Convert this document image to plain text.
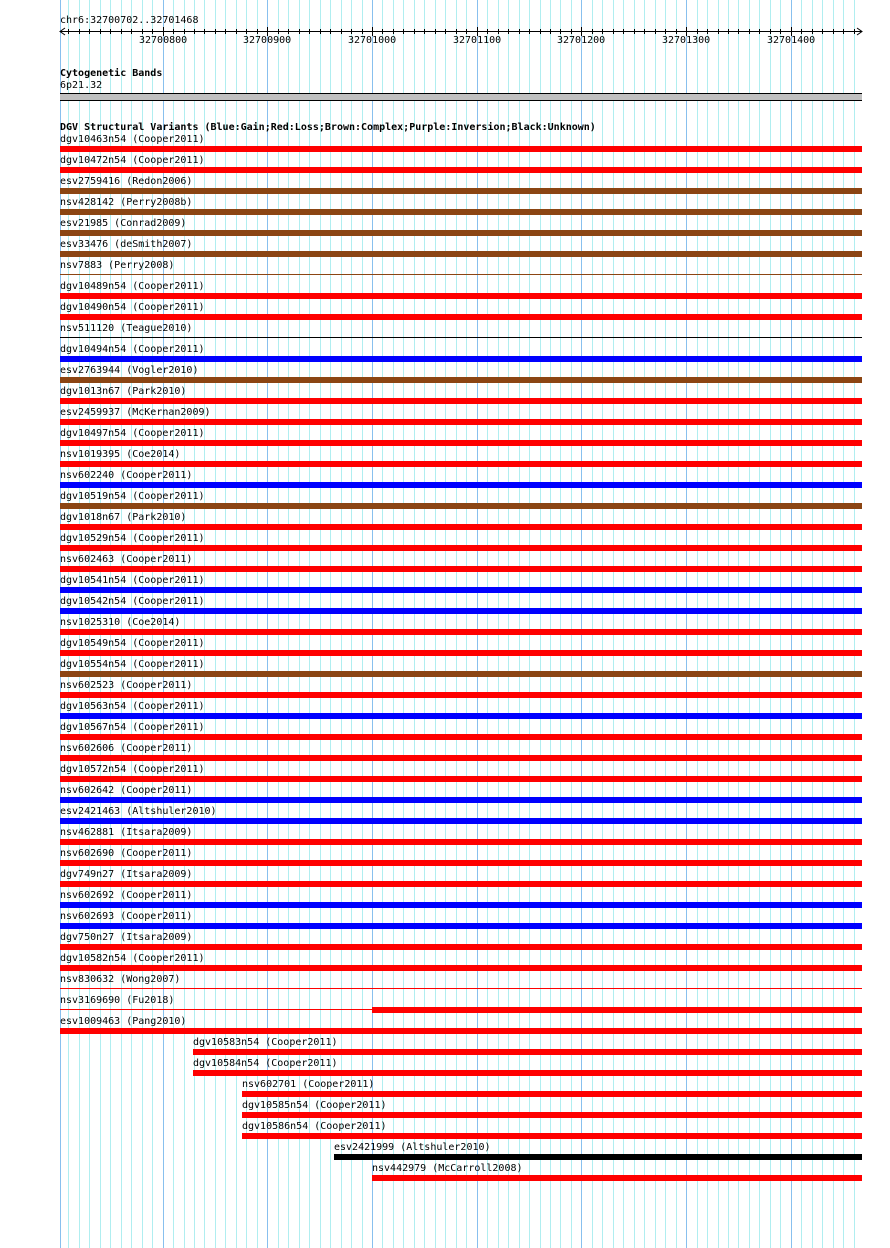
chr6:32700702..32701468
32700800	32700900	32701000	32701100	32701200	32701300	32701400
Cytogenetic Bands
6p21.32
DGV Structural Variants (Blue:Gain;Red:Loss;Brown:Complex;Purple:Inversion;Black:Unknown)
dgv10463n54 (Cooper2011)
dgv10472n54 (Cooper2011)
esv2759416 (Redon2006)
nsv428142 (Perry2008b)
esv21985 (Conrad2009)
esv33476 (deSmith2007)
nsv7883 (Perry2008)
dgv10489n54 (Cooper2011)
dgv10490n54 (Cooper2011)
nsv511120 (Teague2010)
dgv10494n54 (Cooper2011)
esv2763944 (Vogler2010)
dgv1013n67 (Park2010)
esv2459937 (McKernan2009)
dgv10497n54 (Cooper2011)
nsv1019395 (Coe2014)
nsv602240 (Cooper2011)
dgv10519n54 (Cooper2011)
dgv1018n67 (Park2010)
dgv10529n54 (Cooper2011)
nsv602463 (Cooper2011)
dgv10541n54 (Cooper2011)
dgv10542n54 (Cooper2011)
nsv1025310 (Coe2014)
dgv10549n54 (Cooper2011)
dgv10554n54 (Cooper2011)
nsv602523 (Cooper2011)
dgv10563n54 (Cooper2011)
dgv10567n54 (Cooper2011)
nsv602606 (Cooper2011)
dgv10572n54 (Cooper2011)
nsv602642 (Cooper2011)
esv2421463 (Altshuler2010)
nsv462881 (Itsara2009)
nsv602690 (Cooper2011)
dgv749n27 (Itsara2009)
nsv602692 (Cooper2011)
nsv602693 (Cooper2011)
dgv750n27 (Itsara2009)
dgv10582n54 (Cooper2011)
nsv830632 (Wong2007)
nsv3169690 (Fu2018)
esv1009463 (Pang2010)
dgv10583n54 (Cooper2011)
dgv10584n54 (Cooper2011)
nsv602701 (Cooper2011)
dgv10585n54 (Cooper2011)
dgv10586n54 (Cooper2011)
esv2421999 (Altshuler2010)
nsv442979 (McCarroll2008)
